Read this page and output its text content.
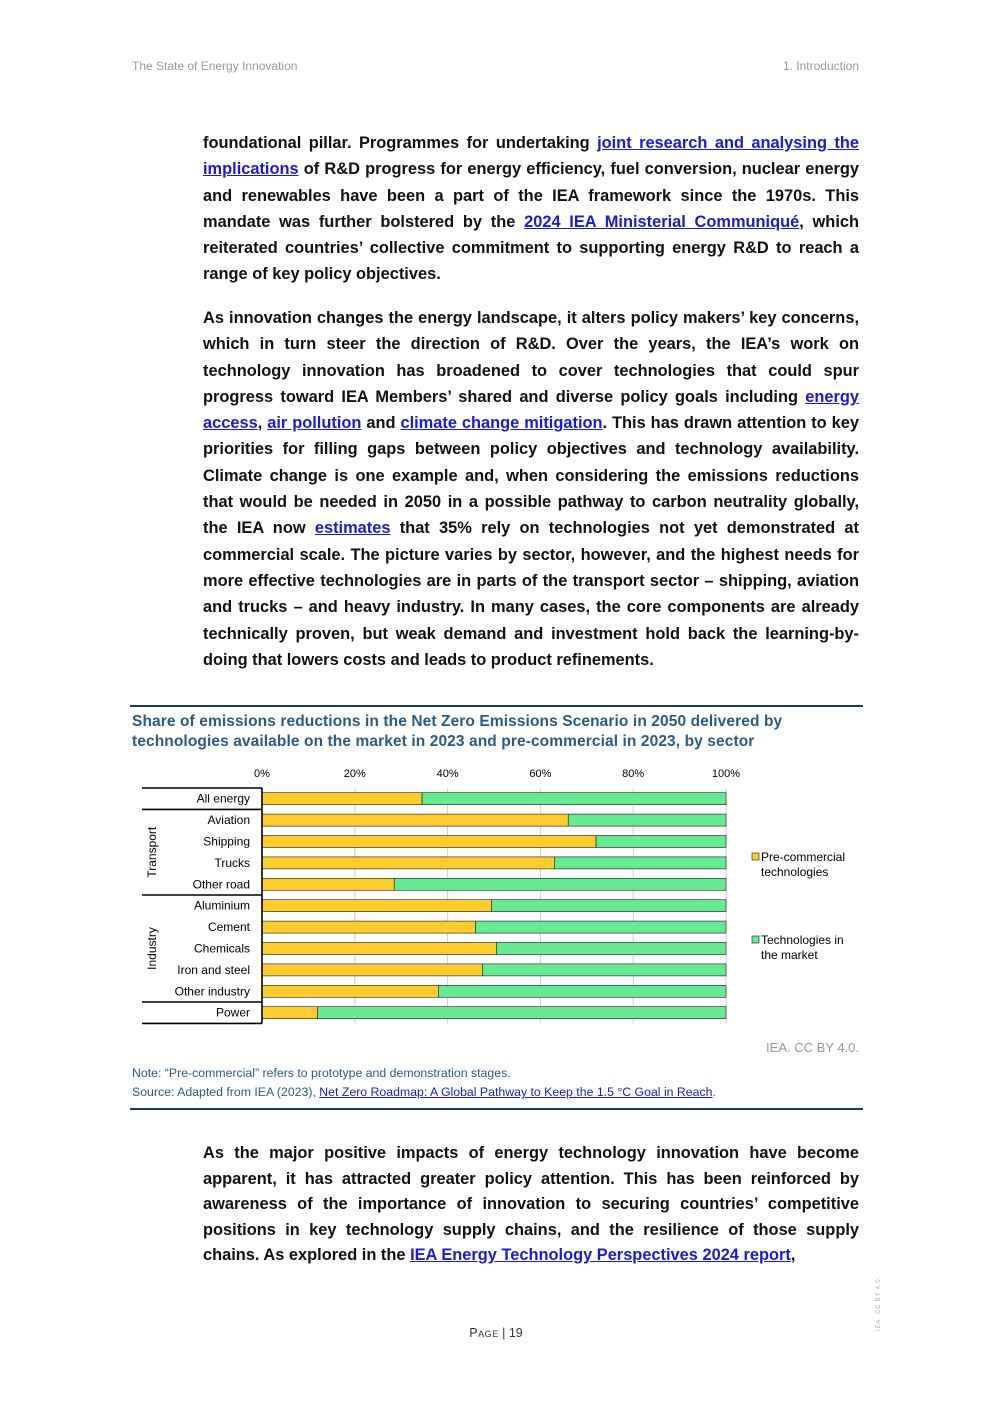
The State of Energy Innovation	1. Introduction

foundational pillar. Programmes for undertaking joint research and analysing the implications of R&D progress for energy efficiency, fuel conversion, nuclear energy and renewables have been a part of the IEA framework since the 1970s. This mandate was further bolstered by the 2024 IEA Ministerial Communiqué, which reiterated countries’ collective commitment to supporting energy R&D to reach a range of key policy objectives.

As innovation changes the energy landscape, it alters policy makers’ key concerns, which in turn steer the direction of R&D. Over the years, the IEA’s work on technology innovation has broadened to cover technologies that could spur progress toward IEA Members’ shared and diverse policy goals including energy access, air pollution and climate change mitigation. This has drawn attention to key priorities for filling gaps between policy objectives and technology availability. Climate change is one example and, when considering the emissions reductions that would be needed in 2050 in a possible pathway to carbon neutrality globally, the IEA now estimates that 35% rely on technologies not yet demonstrated at commercial scale. The picture varies by sector, however, and the highest needs for more effective technologies are in parts of the transport sector – shipping, aviation and trucks – and heavy industry. In many cases, the core components are already technically proven, but weak demand and investment hold back the learning-by-doing that lowers costs and leads to product refinements.

Share of emissions reductions in the Net Zero Emissions Scenario in 2050 delivered by technologies available on the market in 2023 and pre-commercial in 2023, by sector

0%	20%	40%	60%	80%	100%
All energy
Aviation
Shipping
Trucks
Other road
Aluminium
Cement
Chemicals
Iron and steel
Other industry
Power
Transport
Industry
Pre-commercial
technologies
Technologies in
the market
IEA. CC BY 4.0.
Note: “Pre-commercial” refers to prototype and demonstration stages.
Source: Adapted from IEA (2023), Net Zero Roadmap: A Global Pathway to Keep the 1.5 °C Goal in Reach.

As the major positive impacts of energy technology innovation have become apparent, it has attracted greater policy attention. This has been reinforced by awareness of the importance of innovation to securing countries’ competitive positions in key technology supply chains, and the resilience of those supply chains. As explored in the IEA Energy Technology Perspectives 2024 report,

Page | 19
IEA. CC BY 4.0.
